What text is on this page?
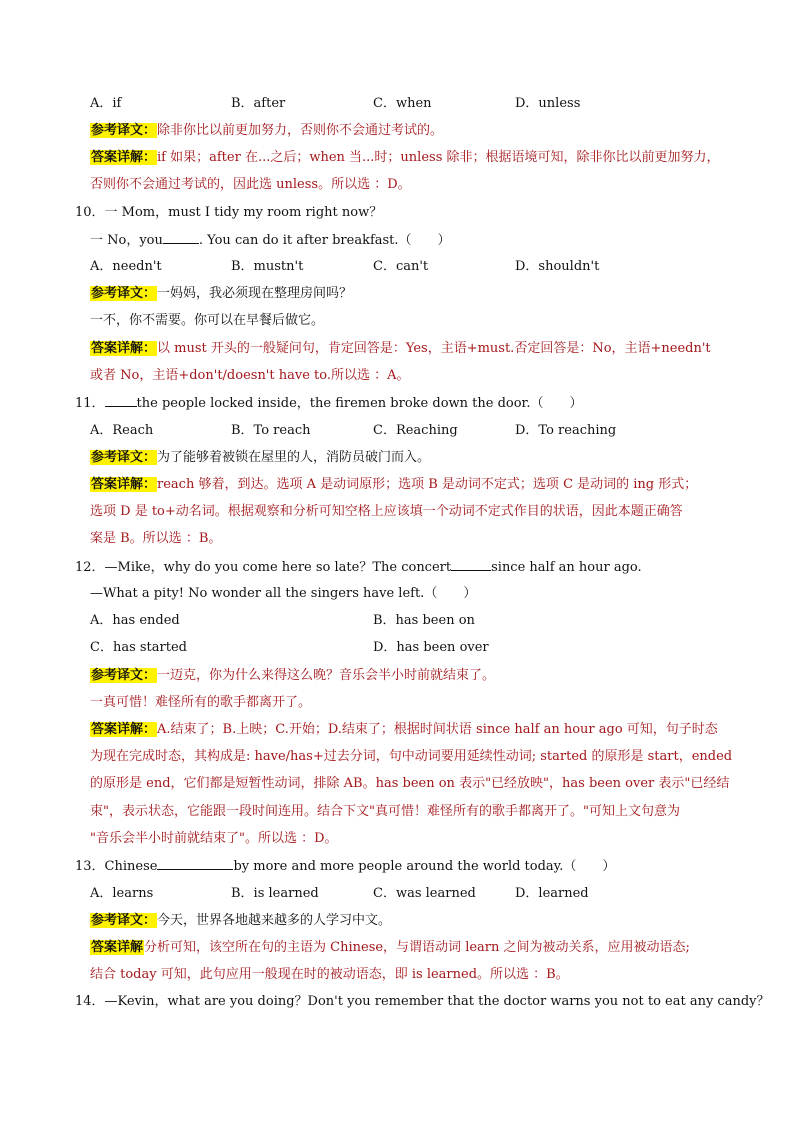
A．if	B．after	C．when	D．unless
参考译文：除非你比以前更加努力，否则你不会通过考试的。
答案详解：if 如果；after 在...之后；when 当...时；unless 除非；根据语境可知，除非你比以前更加努力，
否则你不会通过考试的，因此选 unless。所以选 ：D。
10．一 Mom，must I tidy my room right now？
一 No，you	. You can do it after breakfast.（　　）
A．needn't	B．mustn't	C．can't	D．shouldn't
参考译文：一妈妈，我必须现在整理房间吗？
一不，你不需要。你可以在早餐后做它。
答案详解：以 must 开头的一般疑问句，肯定回答是：Yes，主语+must.否定回答是：No，主语+needn't
或者 No，主语+don't/doesn't have to.所以选 ：A。
11． the people locked inside，the firemen broke down the door.（　　）
A．Reach	B．To reach	C．Reaching	D．To reaching
参考译文：为了能够着被锁在屋里的人，消防员破门而入。
答案详解：reach 够着，到达。选项 A 是动词原形；选项 B 是动词不定式；选项 C 是动词的 ing 形式；
选项 D 是 to+动名词。根据观察和分析可知空格上应该填一个动词不定式作目的状语，因此本题正确答
案是 B。所以选 ：B。
12．—Mike，why do you come here so late？The concert	since half an hour ago.
—What a pity! No wonder all the singers have left.（　　）
A．has ended	B．has been on
C．has started	D．has been over
参考译文：一迈克，你为什么来得这么晚？音乐会半小时前就结束了。
一真可惜！难怪所有的歌手都离开了。
答案详解：A.结束了；B.上映；C.开始；D.结束了；根据时间状语 since half an hour ago 可知，句子时态
为现在完成时态，其构成是: have/has+过去分词，句中动词要用延续性动词; started 的原形是 start，ended
的原形是 end，它们都是短暂性动词，排除 AB。has been on 表示"已经放映"，has been over 表示"已经结
束"，表示状态，它能跟一段时间连用。结合下文"真可惜！难怪所有的歌手都离开了。"可知上文句意为
"音乐会半小时前就结束了"。所以选 ：D。
13．Chinese	by more and more people around the world today.（　　）
A．learns	B．is learned	C．was learned	D．learned
参考译文：今天，世界各地越来越多的人学习中文。
答案详解分析可知，该空所在句的主语为 Chinese，与谓语动词 learn 之间为被动关系，应用被动语态;
结合 today 可知，此句应用一般现在时的被动语态，即 is learned。所以选 ：B。
14．—Kevin，what are you doing？Don't you remember that the doctor warns you not to eat any candy？
